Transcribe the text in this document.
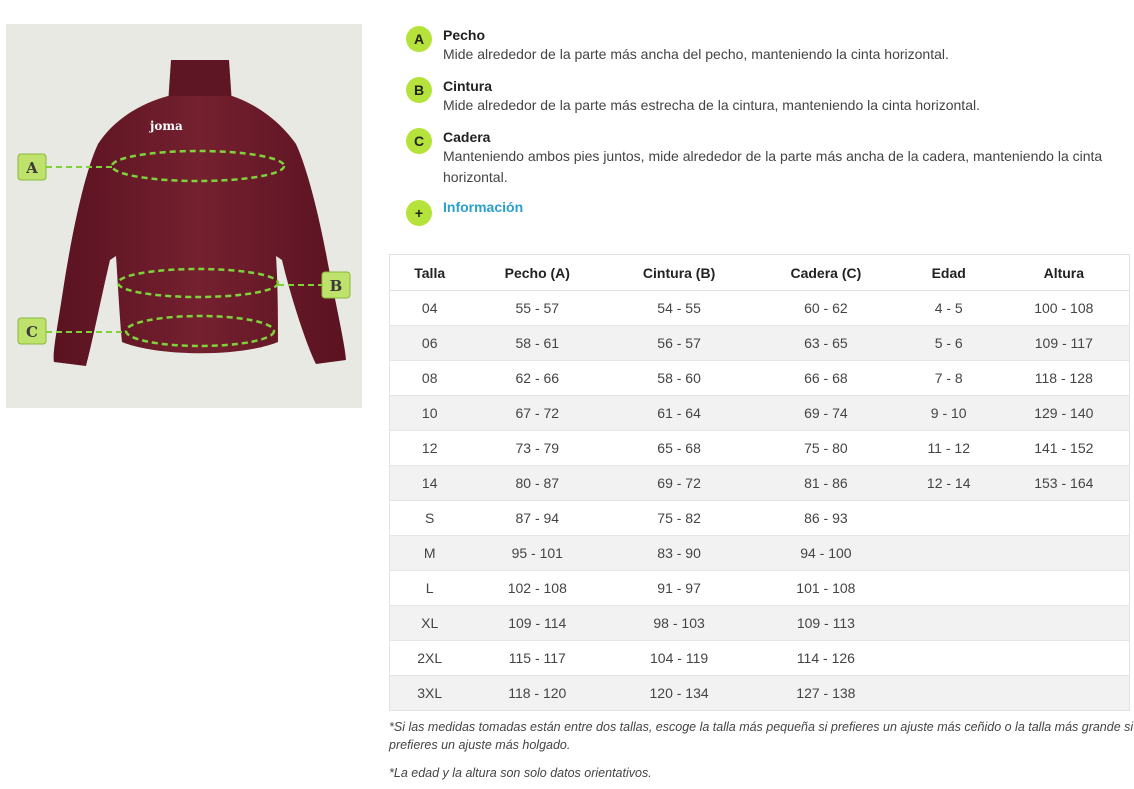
joma
A
B
C
A	Pecho
Mide alrededor de la parte más ancha del pecho, manteniendo la cinta horizontal.
B	Cintura
Mide alrededor de la parte más estrecha de la cintura, manteniendo la cinta horizontal.
C	Cadera
Manteniendo ambos pies juntos, mide alrededor de la parte más ancha de la cadera, manteniendo la cinta horizontal.
+	Información
Talla	Pecho (A)	Cintura (B)	Cadera (C)	Edad	Altura
04	55 - 57	54 - 55	60 - 62	4 - 5	100 - 108
06	58 - 61	56 - 57	63 - 65	5 - 6	109 - 117
08	62 - 66	58 - 60	66 - 68	7 - 8	118 - 128
10	67 - 72	61 - 64	69 - 74	9 - 10	129 - 140
12	73 - 79	65 - 68	75 - 80	11 - 12	141 - 152
14	80 - 87	69 - 72	81 - 86	12 - 14	153 - 164
S	87 - 94	75 - 82	86 - 93		
M	95 - 101	83 - 90	94 - 100		
L	102 - 108	91 - 97	101 - 108		
XL	109 - 114	98 - 103	109 - 113		
2XL	115 - 117	104 - 119	114 - 126		
3XL	118 - 120	120 - 134	127 - 138		

*Si las medidas tomadas están entre dos tallas, escoge la talla más pequeña si prefieres un ajuste más ceñido o la talla más grande si prefieres un ajuste más holgado.

*La edad y la altura son solo datos orientativos.
